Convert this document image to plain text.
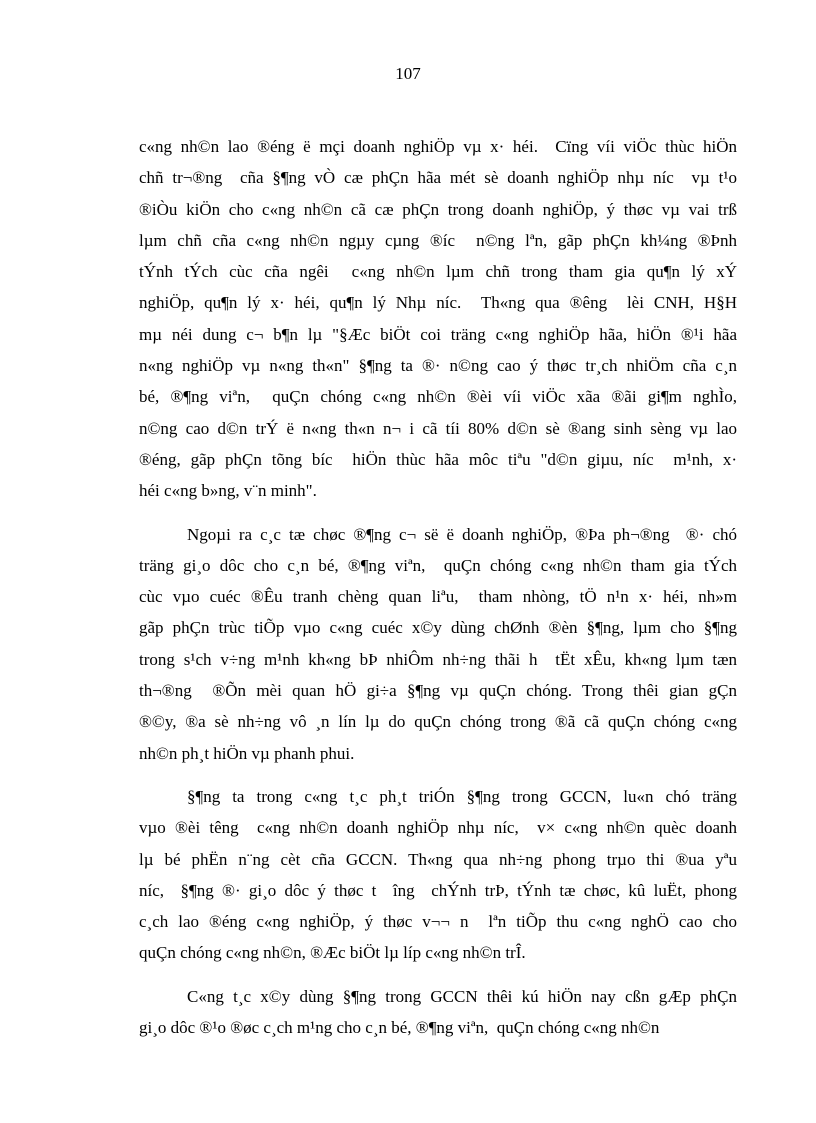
107
c«ng nh©n lao ®éng ë mçi doanh nghiÖp vµ x· héi.  Cïng víi viÖc thùc hiÖn
chñ tr¬®ng  cña §¶ng vÒ cæ phÇn hãa mét sè doanh nghiÖp nhµ níc  vµ t¹o
®iÒu kiÖn cho c«ng nh©n cã cæ phÇn trong doanh nghiÖp, ý thøc vµ vai trß
lµm chñ cña c«ng nh©n ngµy cµng ®íc  n©ng lªn, gãp phÇn kh¼ng ®Þnh
tÝnh tÝch cùc cña ngêi  c«ng nh©n lµm chñ trong tham gia qu¶n lý xÝ
nghiÖp, qu¶n lý x· héi, qu¶n lý Nhµ níc.  Th«ng qua ®êng  lèi CNH, H§H
mµ néi dung c¬ b¶n lµ "§Æc biÖt coi träng c«ng nghiÖp hãa, hiÖn ®¹i hãa
n«ng nghiÖp vµ n«ng th«n" §¶ng ta ®· n©ng cao ý thøc tr¸ch nhiÖm cña c¸n
bé, ®¶ng viªn,  quÇn chóng c«ng nh©n ®èi víi viÖc xãa ®ãi gi¶m nghÌo,
n©ng cao d©n trÝ ë n«ng th«n n¬ i cã tíi 80% d©n sè ®ang sinh sèng vµ lao
®éng, gãp phÇn tõng bíc  hiÖn thùc hãa môc tiªu "d©n giµu, níc  m¹nh, x·
héi c«ng b»ng, v¨n minh".
Ngoµi ra c¸c tæ chøc ®¶ng c¬ së ë doanh nghiÖp, ®Þa ph¬®ng  ®· chó
träng gi¸o dôc cho c¸n bé, ®¶ng viªn,  quÇn chóng c«ng nh©n tham gia tÝch
cùc vµo cuéc ®Êu tranh chèng quan liªu,  tham nhòng, tÖ n¹n x· héi, nh»m
gãp phÇn trùc tiÕp vµo c«ng cuéc x©y dùng chØnh ®èn §¶ng, lµm cho §¶ng
trong s¹ch v÷ng m¹nh kh«ng bÞ nhiÔm nh÷ng thãi h  tËt xÊu, kh«ng lµm tæn
th¬®ng  ®Õn mèi quan hÖ gi÷a §¶ng vµ quÇn chóng. Trong thêi gian gÇn
®©y, ®a sè nh÷ng vô ¸n lín lµ do quÇn chóng trong ®ã cã quÇn chóng c«ng
nh©n ph¸t hiÖn vµ phanh phui.
§¶ng ta trong c«ng t¸c ph¸t triÓn §¶ng trong GCCN, lu«n chó träng
vµo ®èi têng  c«ng nh©n doanh nghiÖp nhµ níc,  v× c«ng nh©n quèc doanh
lµ bé phËn n¨ng cèt cña GCCN. Th«ng qua nh÷ng phong trµo thi ®ua yªu
níc,  §¶ng ®· gi¸o dôc ý thøc t  îng  chÝnh trÞ, tÝnh tæ chøc, kû luËt, phong
c¸ch lao ®éng c«ng nghiÖp, ý thøc v¬¬ n  lªn tiÕp thu c«ng nghÖ cao cho
quÇn chóng c«ng nh©n, ®Æc biÖt lµ líp c«ng nh©n trÎ.
C«ng t¸c x©y dùng §¶ng trong GCCN thêi kú hiÖn nay cßn gÆp phÇn
gi¸o dôc ®¹o ®øc c¸ch m¹ng cho c¸n bé, ®¶ng viªn,  quÇn chóng c«ng nh©n
